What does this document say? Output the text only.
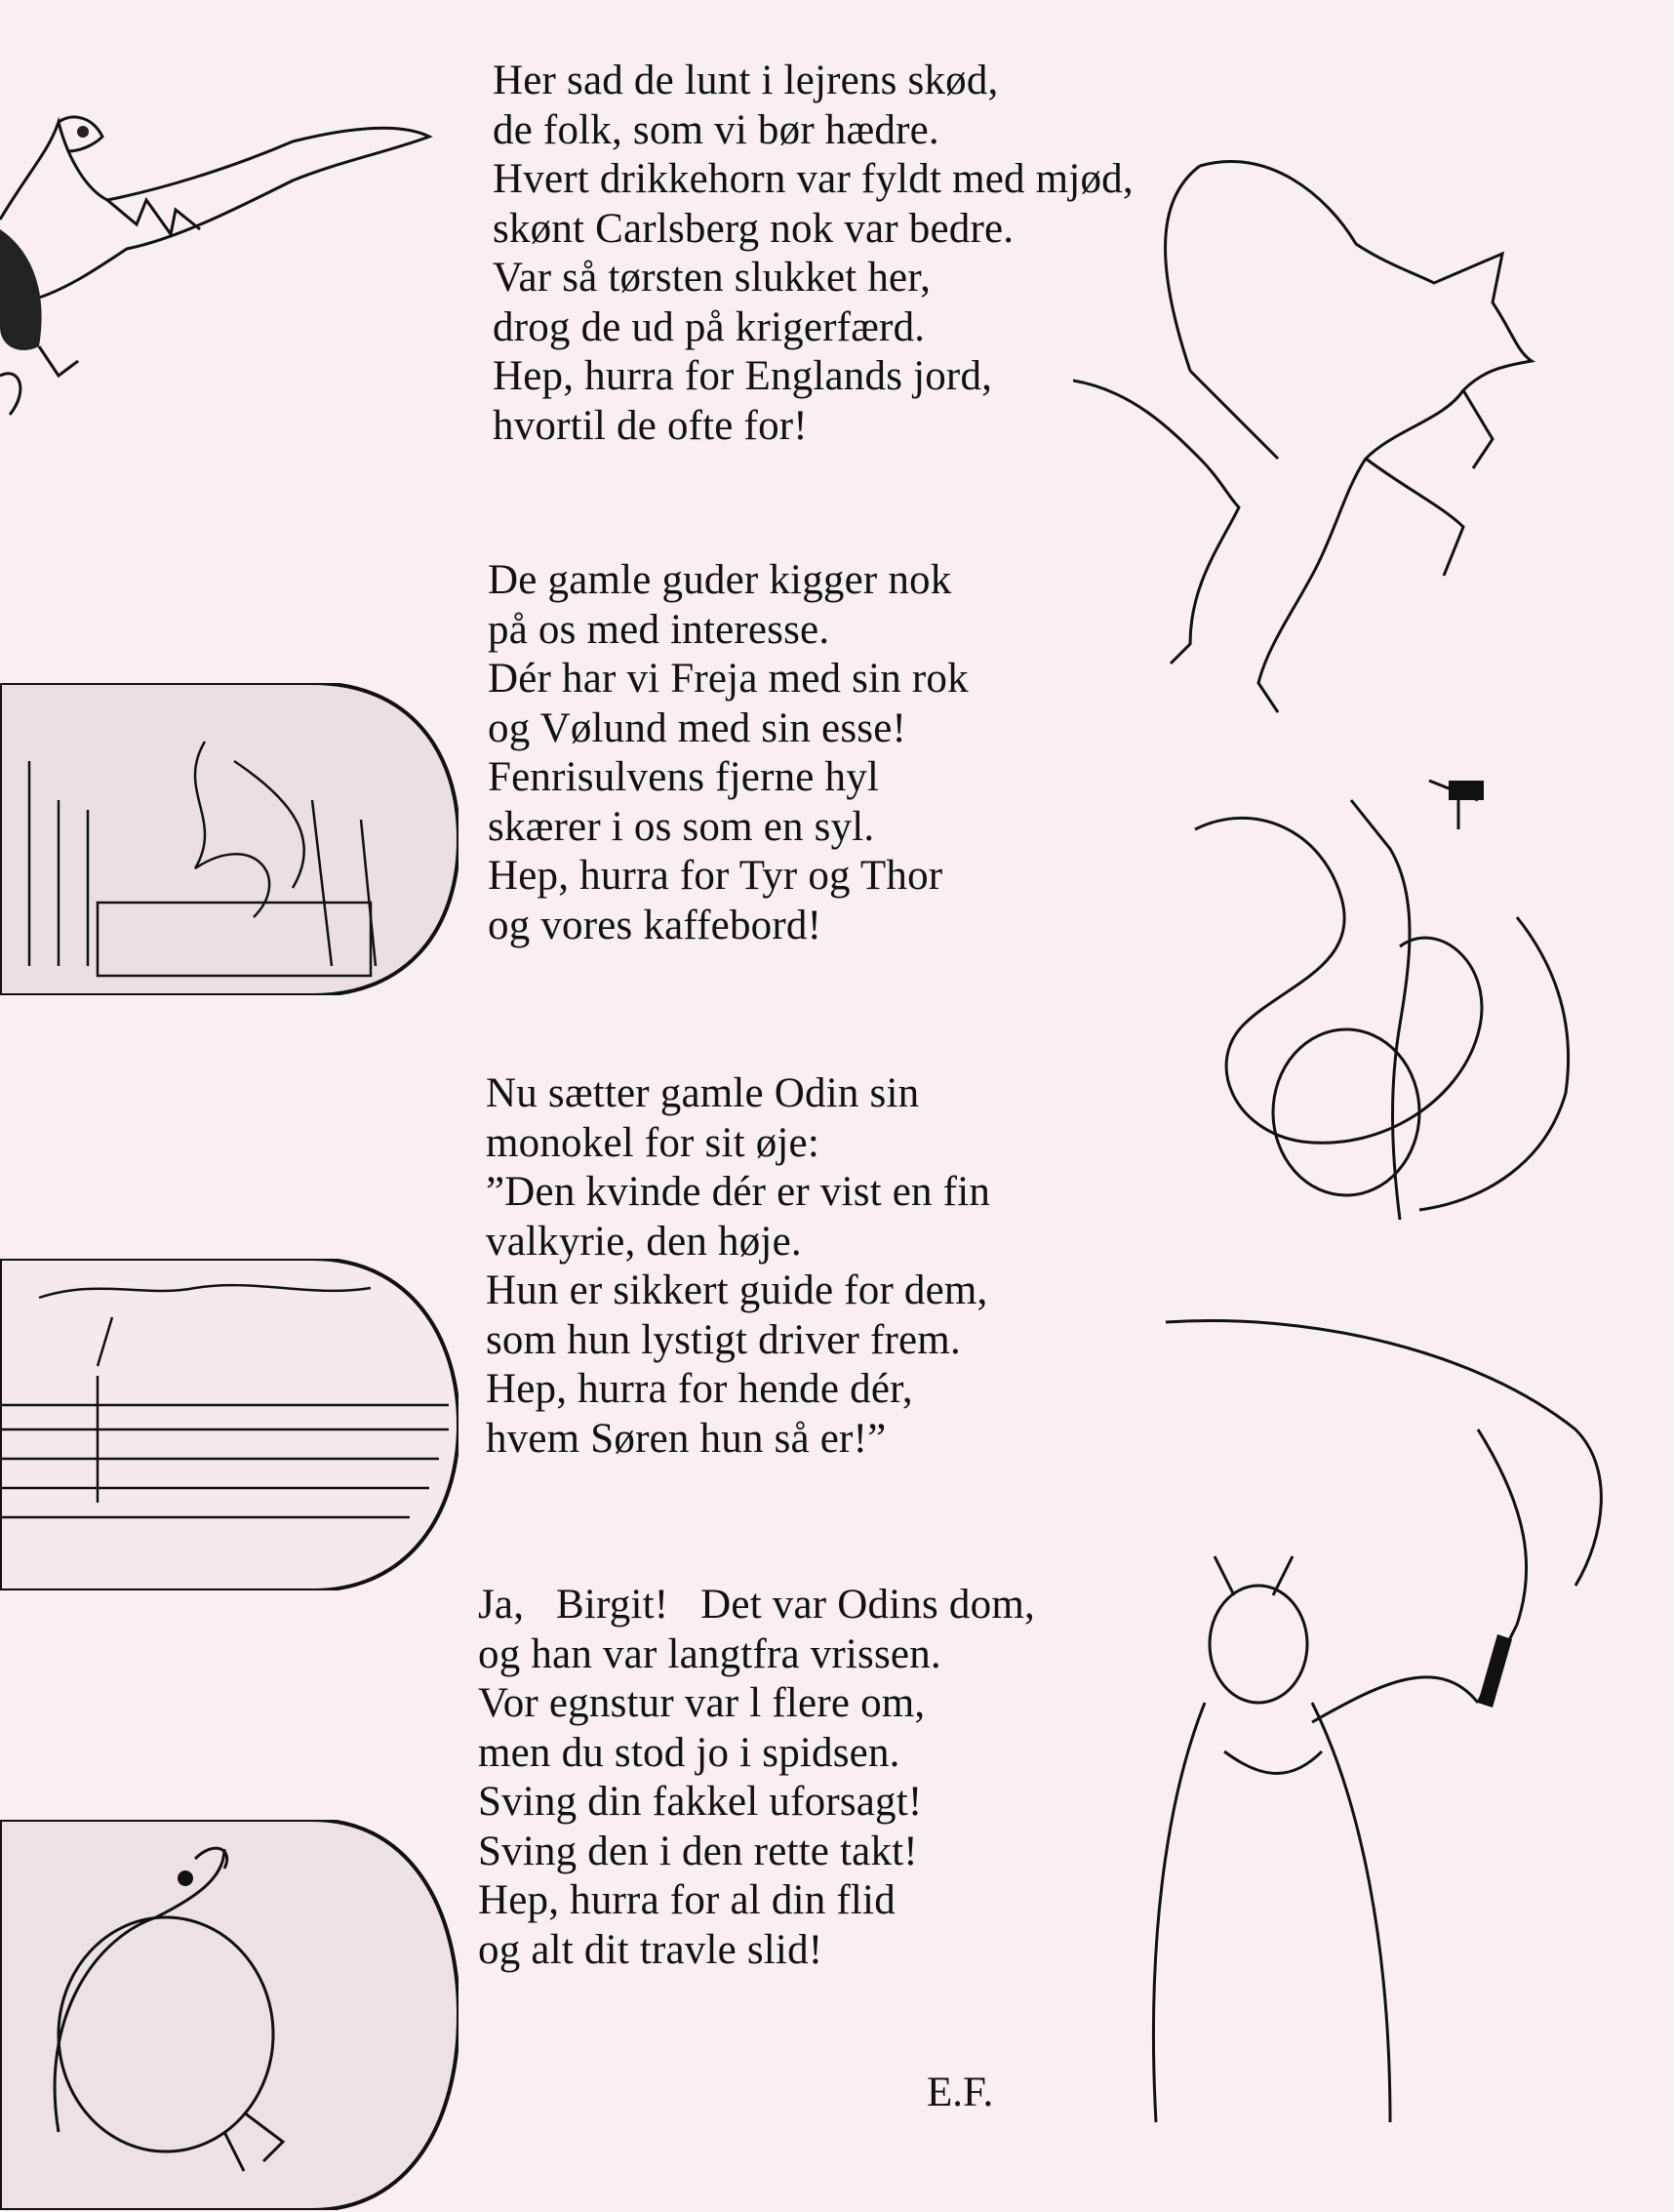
Her sad de lunt i lejrens skød,
de folk, som vi bør hædre.
Hvert drikkehorn var fyldt med mjød,
skønt Carlsberg nok var bedre.
Var så tørsten slukket her,
drog de ud på krigerfærd.
Hep, hurra for Englands jord,
hvortil de ofte for!
De gamle guder kigger nok
på os med interesse.
Dér har vi Freja med sin rok
og Vølund med sin esse!
Fenrisulvens fjerne hyl
skærer i os som en syl.
Hep, hurra for Tyr og Thor
og vores kaffebord!
Nu sætter gamle Odin sin
monokel for sit øje:
”Den kvinde dér er vist en fin
valkyrie, den høje.
Hun er sikkert guide for dem,
som hun lystigt driver frem.
Hep, hurra for hende dér,
hvem Søren hun så er!”
Ja,   Birgit!   Det var Odins dom,
og han var langtfra vrissen.
Vor egnstur var l flere om,
men du stod jo i spidsen.
Sving din fakkel uforsagt!
Sving den i den rette takt!
Hep, hurra for al din flid
og alt dit travle slid!
E.F.
